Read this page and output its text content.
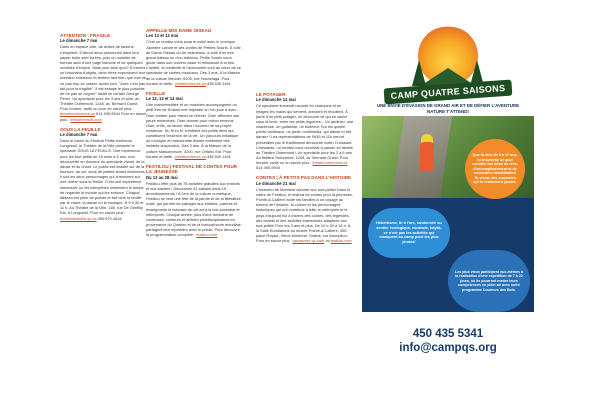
ATTENTION : FRAGILE

Le dimanche 7 mai

Dans un espace vide, de drôles de fanions s'empilent. D'abord deux personnes dans leur papier bulle sont livrées, puis un mobilier de bureau suivi d'une page blanche et de quelques modèles d'emploi. Mais pour faire quoi? À travers un brouhaha d'objets, deux êtres improvisent leur scénario existence et tentent tant bien que mal de ne pas trop se casser. Après tout, "Avec c'est pas fait pour la fragilité". Il est essayé le plus possible de ne pas se cogner" disait un certain George Perec. Un spectacle pour les 3 ans et plus. au Théâtre Outremont, 1248, av. Bernard Ouest. Pour horaire, tarifs ou pour en savoir plus : theatreoutremont.ca 514 495-9944 Pour en savoir plus : theoutremont.com

SOUS LA FEUILLE

Le dimanche 7 mai

Dans le cadre du Festival Petits bonheurs Longueuil, le Théâtre de la Ville présente le spectacle SOUS LA FEUILLE. Une expérience pour les tout-petits de 18 mois à 5 ans, une découverte en douceur du spectacle vivant, de la danse et du chant. Le public est installé sur de la fourrure, au sol, sous de petites tentes illuminées. Il suit les deux personnages qui cheminent sur une rivière sous la feuille. C'est une expérience immersive où les interprètes cheminent le temps de regarder le monde qui les entoure. Chaque tableau est plein de poésie et fait vivre la feuille par le chant, la danse ou la musique. À 9 h 30 et 11 h. Au Théâtre de la Ville, 180, rue De Gentilly Est, à Longueuil. Pour en savoir plus : theatredelaville.qc.ca 450 670-1616

APPELLE-MOI DAME OISEAU

Les 12 et 13 mai

C'est un rendez-vous sous le soleil avec le comique Jacinthe Lavoie et ses contes de Petites Souris. À côte de Dame Oiseau ou de chameaux, à coté d'un très grand bateau ou d'un traineau, Petite Souris nous guide dans son univers vaste et minuscule à la fois. L'amitié, la créativité et l'autonomie sont au cœur de ce spectacle de contes musicaux. Dès 3 ans. À la Maison de la culture Mercier, 8105, rue Hochelaga. Pour horaire et tarifs : petitsbonheurs.ca 438 530 1441

FICELLE

Le 12, 13 et 14 mai

Une marionnettiste et un musicien accompagnent un petit être de fil dans une odyssée où l'on joue à avec... Oser tomber pour mieux se relever. Oser affronter ses peurs enfantines. Oser donner pour mieux recevoir. Oser, enfin, se lancer dans l'inconnu de sa propre existence. Du fil en fil, s'enfilent ces petits riens qui constituent l'essence de la vie. Un parcours initiatique où musique et marionnette tissent ensemble des instants suspendus. Dès 3 ans. À la Maison de la culture Maisonneuve, 4200, rue Ontario Est. Pour horaire et tarifs : petitsbonheurs.ca 438 530 1441

FESTILOU | FESTIVAL DE CONTES POUR LA JEUNESSE

Du 13 au 28 mai

Festilou offre plus de 75 activités gratuites aux enfants et aux adultes ! Découvrez 41 artistes dans 15 arrondissements ! À l'ère de la culture numérique, Festilou se veut une fête de la parole et de la littérature orale, qui permet de partager aux enfants, parents et enseignants la richesse de cet art à la fois ancestral et intemporel. Chaque année, plus d'une trentaine de conteuses, conteurs et artistes pluridisciplinaires en provenance du Québec et de la francophonie mondiale partagent leur répertoire avec le public. Pour découvrir la programmation complète : festilou.com

LE POTAGER

Le dimanche 14 mai

Ce spectacle immersif raconte en chansons et en images les mains qui sèment, arrosent et récoltent. À partir d'un petit potager, on découvre ce qui se cache sous la terre, entre les petits légumes... Un jardinier, une chanteuse, un guitariste, un butineur. Sur les quatre points cardinaux, un jardin multimédia, qui danse et fait danser ! Les représentations de 9h30 et 11h seront précédées par le traditionnel dimanche matin Croissant-Croissants, un rendez-vous convivial à passer en famille au Théâtre Outremont ! Un spectacle pour les 2 à 6 ans. Au théâtre Outremont, 1248, av. Bernard Ouest. Pour horaire, tarifs ou en savoir plus : theatreoutremont.ca 514 495-9944

CONTES | À PETITS PAS DANS L'HISTOIRE

Le dimanche 21 mai

L'historien de Montréal raconte aux tout-petits! Dans le cadre du Festilou, le festival de contes pour la jeunesse, Pointe-à-Callière invite les familles à un voyage au travers de l'histoire, la culture et les personnages historiques qui ont contribué à bâtir la métropole et le pays d'aujourd'hui à travers des contes, des légendes, des chants et des activités interactives adaptées aux tout-petits! Pour les 3 ans et plus. De 10 h 30 à 15 h. À la Salle Kondiaronk du musée Pointe-à-Callière, 350, place Royale, Vieux-Montréal. Gratuit, sur inscription. Pour en savoir plus : pacmusee.qc.ca/fr ou festilou.com

CAMP QUATRE SAISONS
UNE ENVIE D'ÉVASION DE GRAND AIR ET DE DÉFIER L'AVENTURE NATURE T'ATTEND!
Que tu aies de 5 à 17 ans, tu trouveras ici quoi combler ton désir de rêve, d'accomplissement et de rencontres inoubliables! Tu vivras des souvenirs qui te resteront à jamais.
Hébertisme, tir à l'arc, randonnée ou sentier écologique, escalade, kayak, ce n'est pas les activités qui manquent au camp pour les plus jeunes!
Les plus vieux participent eux-mêmes à la réalisation d'une expédition de 7 à 22 jours, où ils pourront mettre leurs compétences en plein air avec notre programme Coureurs des Bois.
450 435 5341
info@campqs.org
